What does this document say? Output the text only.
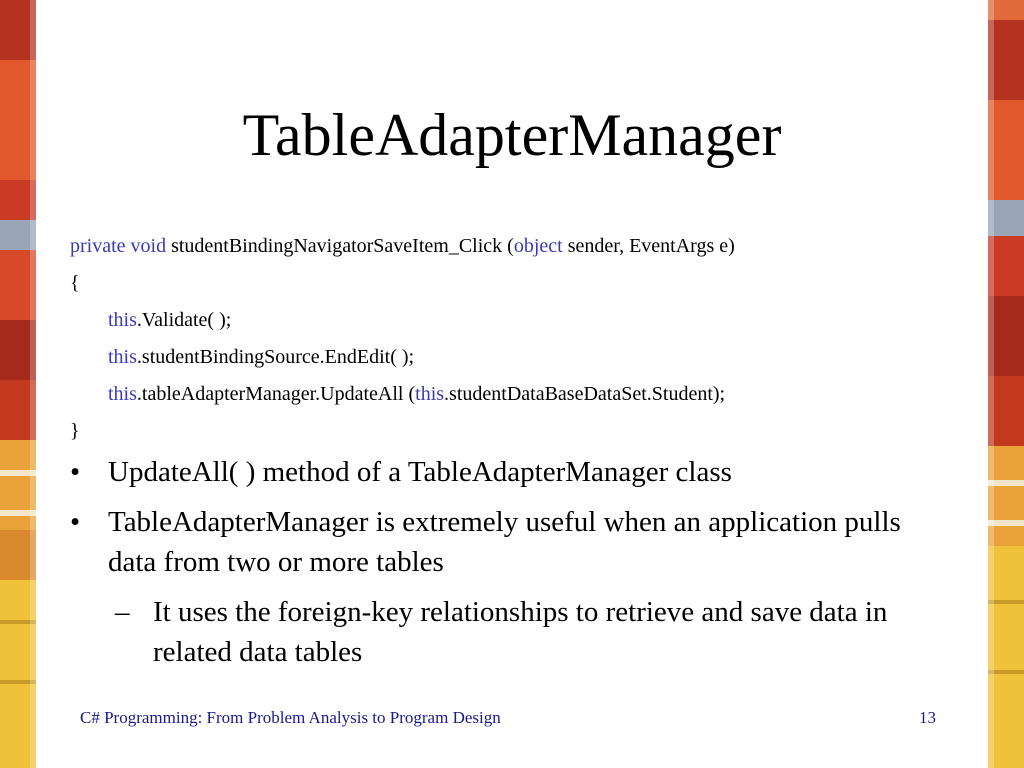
TableAdapterManager
private void studentBindingNavigatorSaveItem_Click (object sender, EventArgs e)
{
this.Validate( );
this.studentBindingSource.EndEdit( );
this.tableAdapterManager.UpdateAll (this.studentDataBaseDataSet.Student);
}
• UpdateAll( ) method of a TableAdapterManager class
• TableAdapterManager is extremely useful when an application pulls data from two or more tables
– It uses the foreign-key relationships to retrieve and save data in related data tables
C# Programming: From Problem Analysis to Program Design	13
